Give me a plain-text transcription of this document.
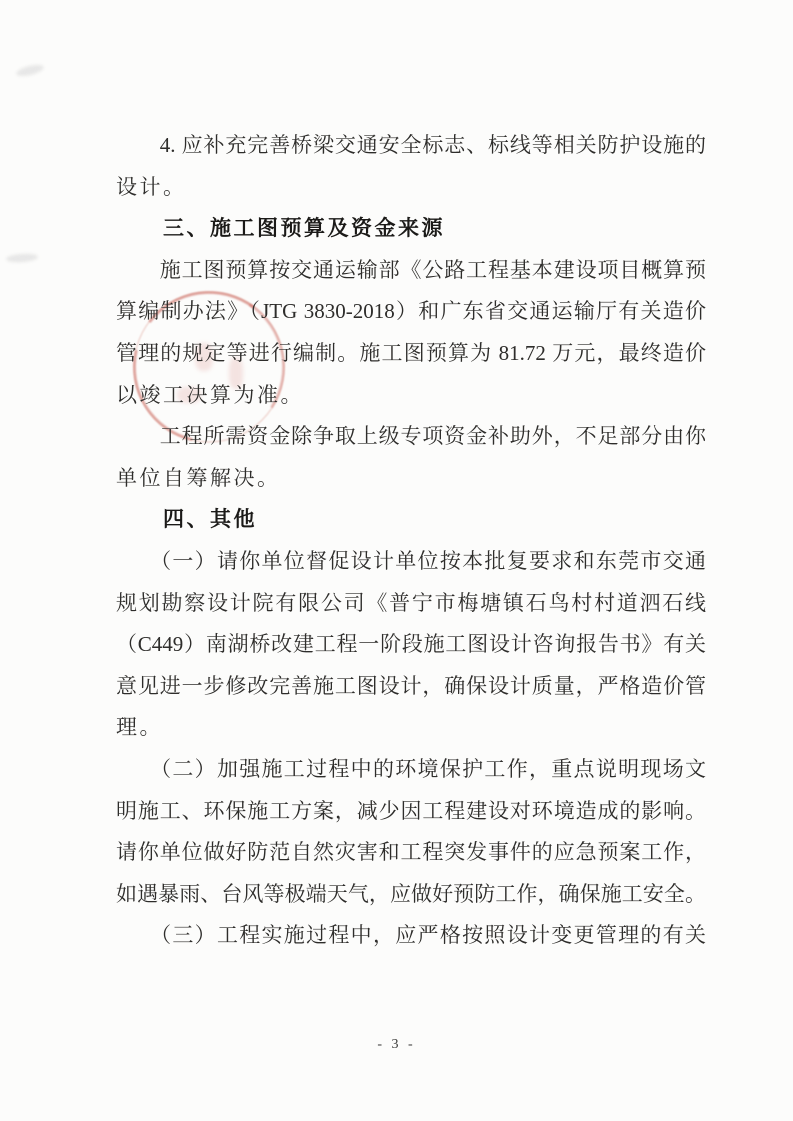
　　4. 应补充完善桥梁交通安全标志、标线等相关防护设施的
设计。
　　三、施工图预算及资金来源
　　施工图预算按交通运输部《公路工程基本建设项目概算预
算编制办法》（JTG 3830-2018）和广东省交通运输厅有关造价
管理的规定等进行编制。施工图预算为 81.72 万元，最终造价
以竣工决算为准。
　　工程所需资金除争取上级专项资金补助外，不足部分由你
单位自筹解决。
　　四、其他
　　（一）请你单位督促设计单位按本批复要求和东莞市交通
规划勘察设计院有限公司《普宁市梅塘镇石鸟村村道泗石线
（C449）南湖桥改建工程一阶段施工图设计咨询报告书》有关
意见进一步修改完善施工图设计，确保设计质量，严格造价管
理。
　　（二）加强施工过程中的环境保护工作，重点说明现场文
明施工、环保施工方案，减少因工程建设对环境造成的影响。
请你单位做好防范自然灾害和工程突发事件的应急预案工作，
如遇暴雨、台风等极端天气，应做好预防工作，确保施工安全。
　　（三）工程实施过程中，应严格按照设计变更管理的有关
- 3 -
